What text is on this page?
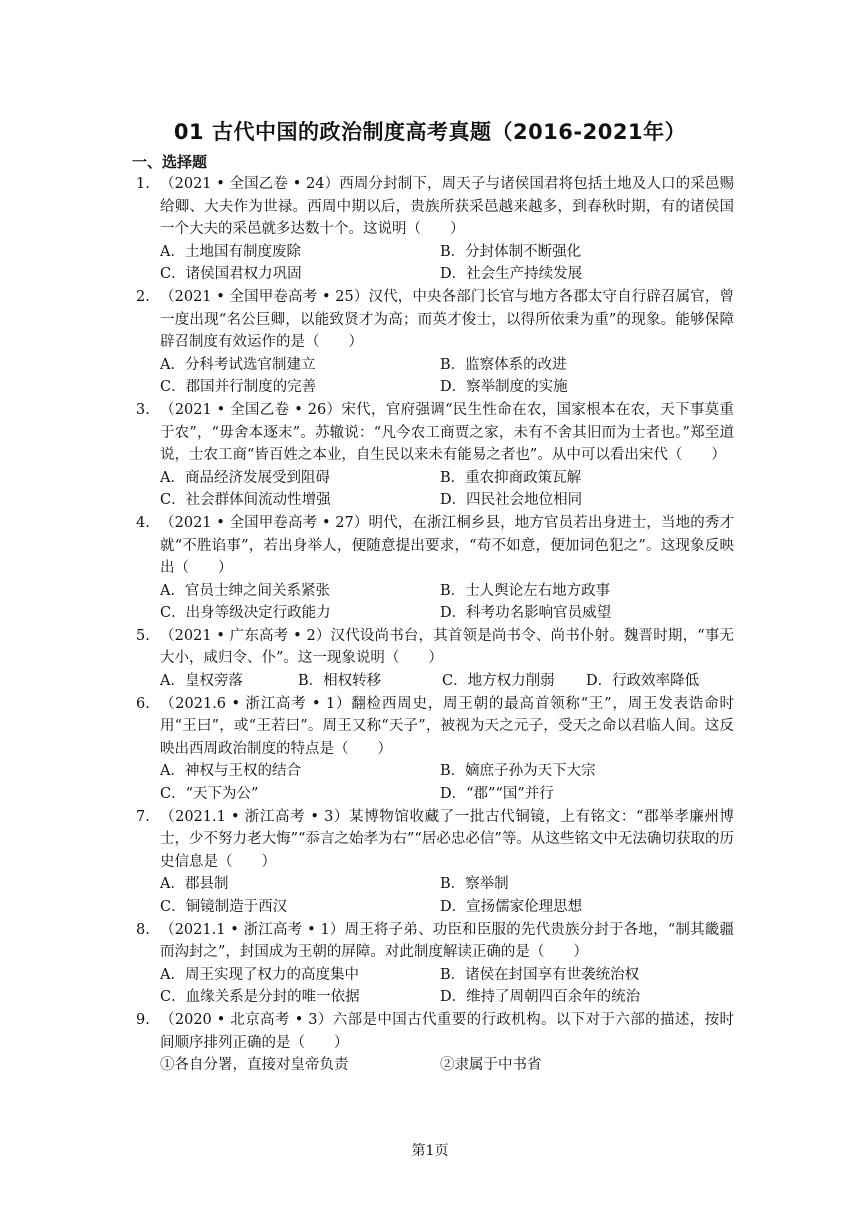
01 古代中国的政治制度高考真题（2016-2021年）
一、选择题
1. （2021 • 全国乙卷 • 24）西周分封制下，周天子与诸侯国君将包括土地及人口的采邑赐给卿、大夫作为世禄。西周中期以后，贵族所获采邑越来越多，到春秋时期，有的诸侯国一个大夫的采邑就多达数十个。这说明（　　）
A．土地国有制度废除	B．分封体制不断强化
C．诸侯国君权力巩固	D．社会生产持续发展
2. （2021 • 全国甲卷高考 • 25）汉代，中央各部门长官与地方各郡太守自行辟召属官，曾一度出现“名公巨卿，以能致贤才为高；而英才俊士，以得所依秉为重”的现象。能够保障辟召制度有效运作的是（　　）
A．分科考试选官制建立	B．监察体系的改进
C．郡国并行制度的完善	D．察举制度的实施
3. （2021 • 全国乙卷 • 26）宋代，官府强调“民生性命在农，国家根本在农，天下事莫重于农”，“毋舍本逐末”。苏辙说：“凡今农工商贾之家，未有不舍其旧而为士者也。”郑至道说，士农工商“皆百姓之本业，自生民以来未有能易之者也”。从中可以看出宋代（　　）
A．商品经济发展受到阻碍	B．重农抑商政策瓦解
C．社会群体间流动性增强	D．四民社会地位相同
4. （2021 • 全国甲卷高考 • 27）明代，在浙江桐乡县，地方官员若出身进士，当地的秀才就“不胜谄事”，若出身举人，便随意提出要求，“苟不如意，便加词色犯之”。这现象反映出（　　）
A．官员士绅之间关系紧张	B．士人舆论左右地方政事
C．出身等级决定行政能力	D．科考功名影响官员威望
5. （2021 • 广东高考 • 2）汉代设尚书台，其首领是尚书令、尚书仆射。魏晋时期，“事无大小，咸归令、仆”。这一现象说明（　　）
A．皇权旁落	B．相权转移	C．地方权力削弱	D．行政效率降低
6. （2021.6 • 浙江高考 • 1）翻检西周史，周王朝的最高首领称“王”，周王发表诰命时用“王曰”，或“王若曰”。周王又称“天子”，被视为天之元子，受天之命以君临人间。这反映出西周政治制度的特点是（　　）
A．神权与王权的结合	B．嫡庶子孙为天下大宗
C．“天下为公”	D．“郡”“国”并行
7. （2021.1 • 浙江高考 • 3）某博物馆收藏了一批古代铜镜，上有铭文：“郡举孝廉州博士，少不努力老大悔”“忝言之始孝为右”“居必忠必信”等。从这些铭文中无法确切获取的历史信息是（　　）
A．郡县制	B．察举制
C．铜镜制造于西汉	D．宣扬儒家伦理思想
8. （2021.1 • 浙江高考 • 1）周王将子弟、功臣和臣服的先代贵族分封于各地，“制其畿疆而沟封之”，封国成为王朝的屏障。对此制度解读正确的是（　　）
A．周王实现了权力的高度集中	B．诸侯在封国享有世袭统治权
C．血缘关系是分封的唯一依据	D．维持了周朝四百余年的统治
9. （2020 • 北京高考 • 3）六部是中国古代重要的行政机构。以下对于六部的描述，按时间顺序排列正确的是（　　）
①各自分署，直接对皇帝负责	②隶属于中书省
第1页
